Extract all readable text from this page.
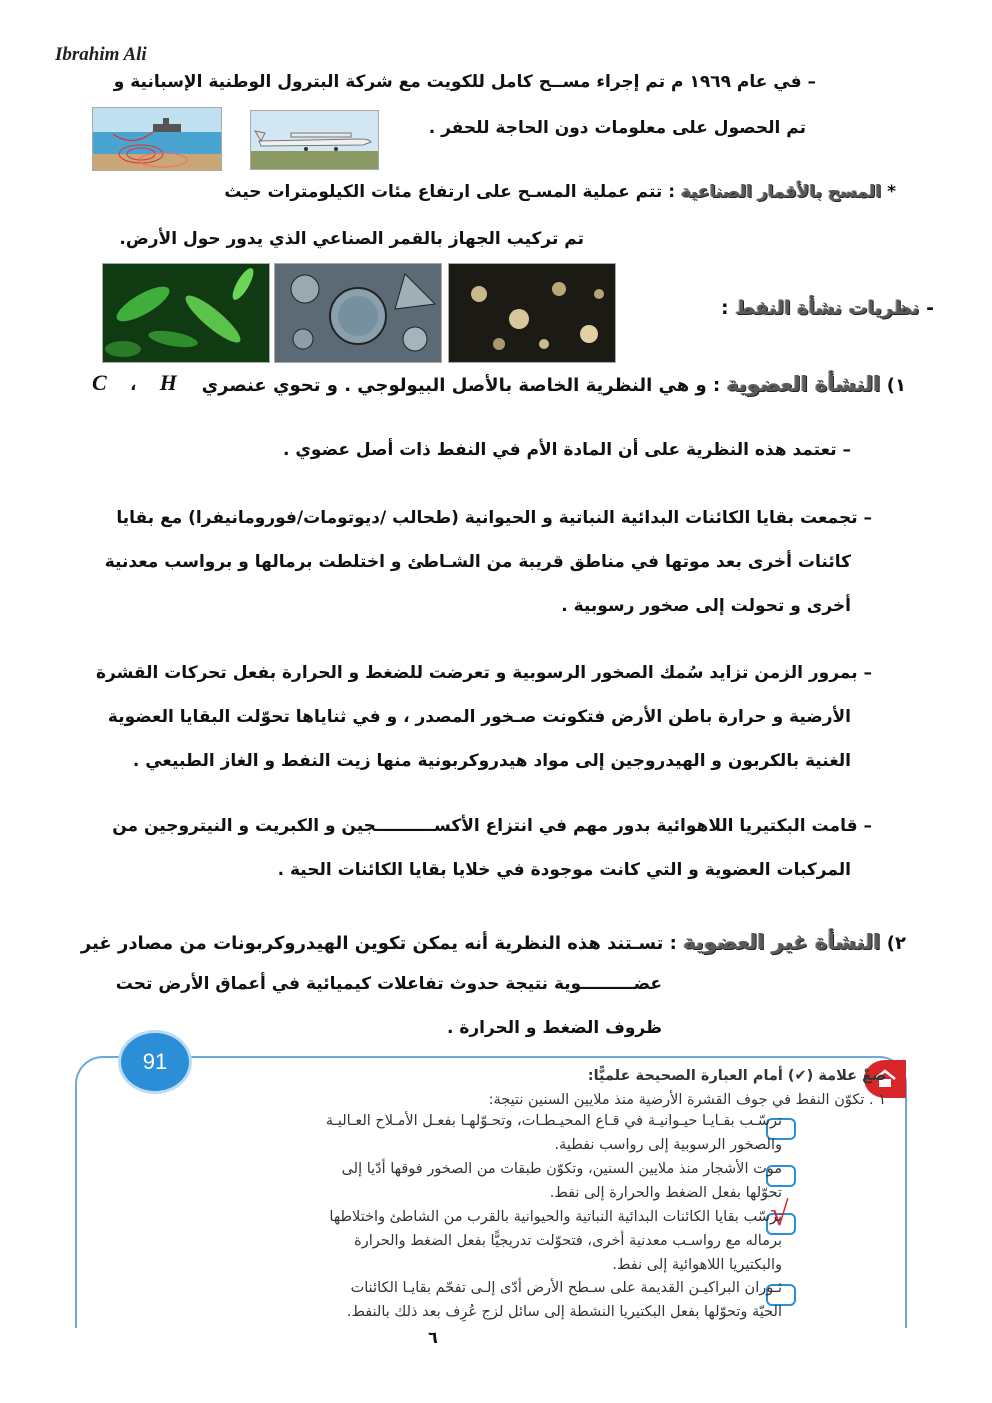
Ibrahim Ali
– في عام ١٩٦٩ م تم إجراء مســح كامل للكويت مع شركة البترول الوطنية الإسبانية و
تم الحصول على معلومات دون الحاجة للحفر .
* المسح بالأقمار الصناعية : تتم عملية المسـح على ارتفاع مئات الكيلومترات حيث
تم تركيب الجهاز بالقمر الصناعي الذي يدور حول الأرض.
- نظريات نشأة النفط :
١) النشأة العضوية : و هي النظرية الخاصة بالأصل البيولوجي . و تحوي عنصري
C ، H
– تعتمد هذه النظرية على أن المادة الأم في النفط ذات أصل عضوي .
– تجمعت بقايا الكائنات البدائية النباتية و الحيوانية (طحالب /ديوتومات/فورومانيفرا) مع بقايا
كائنات أخرى بعد موتها في مناطق قريبة من الشـاطئ و اختلطت برمالها و برواسب معدنية
أخرى و تحولت إلى صخور رسوبية .
– بمرور الزمن تزايد سُمك الصخور الرسوبية و تعرضت للضغط و الحرارة بفعل تحركات القشرة
الأرضية و حرارة باطن الأرض فتكونت صـخور المصدر ، و في ثناياها تحوّلت البقايا العضوية
الغنية بالكربون و الهيدروجين إلى مواد هيدروكربونية منها زيت النفط و الغاز الطبيعي .
– قامت البكتيريا اللاهوائية بدور مهم في انتزاع الأكســــــــــجين و الكبريت و النيتروجين من
المركبات العضوية و التي كانت موجودة في خلايا بقايا الكائنات الحية .
٢) النشأة غير العضوية : تسـتند هذه النظرية أنه يمكن تكوين الهيدروكربونات من مصادر غير
عضـــــــــوية نتيجة حدوث تفاعلات كيميائية في أعماق الأرض تحت
ظروف الضغط و الحرارة .
91
ضعْ علامة (✔) أمام العبارة الصحيحة علميًّا:
١ . تكوّن النفط في جوف القشرة الأرضية منذ ملايين السنين نتيجة:
ترسّـب بقـايـا حيـوانيـة في قـاع المحيـطـات، وتحـوّلهـا بفعـل الأمـلاح العـاليـة
والصخور الرسوبية إلى رواسب نفطية.
موت الأشجار منذ ملايين السنين، وتكوّن طبقات من الصخور فوقها أدّيا إلى
تحوّلها بفعل الضغط والحرارة إلى نفط.
√
ترسّب بقايا الكائنات البدائية النباتية والحيوانية بالقرب من الشاطئ واختلاطها
برماله مع رواسـب معدنية أخرى، فتحوّلت تدريجيًّا بفعل الضغط والحرارة
والبكتيريا اللاهوائية إلى نفط.
ثـوران البراكيـن القديمة على سـطح الأرض أدّى إلـى تفحّم بقايـا الكائنات
الحيّة وتحوّلها بفعل البكتيريا النشطة إلى سائل لزج عُرِف بعد ذلك بالنفط.
٦
